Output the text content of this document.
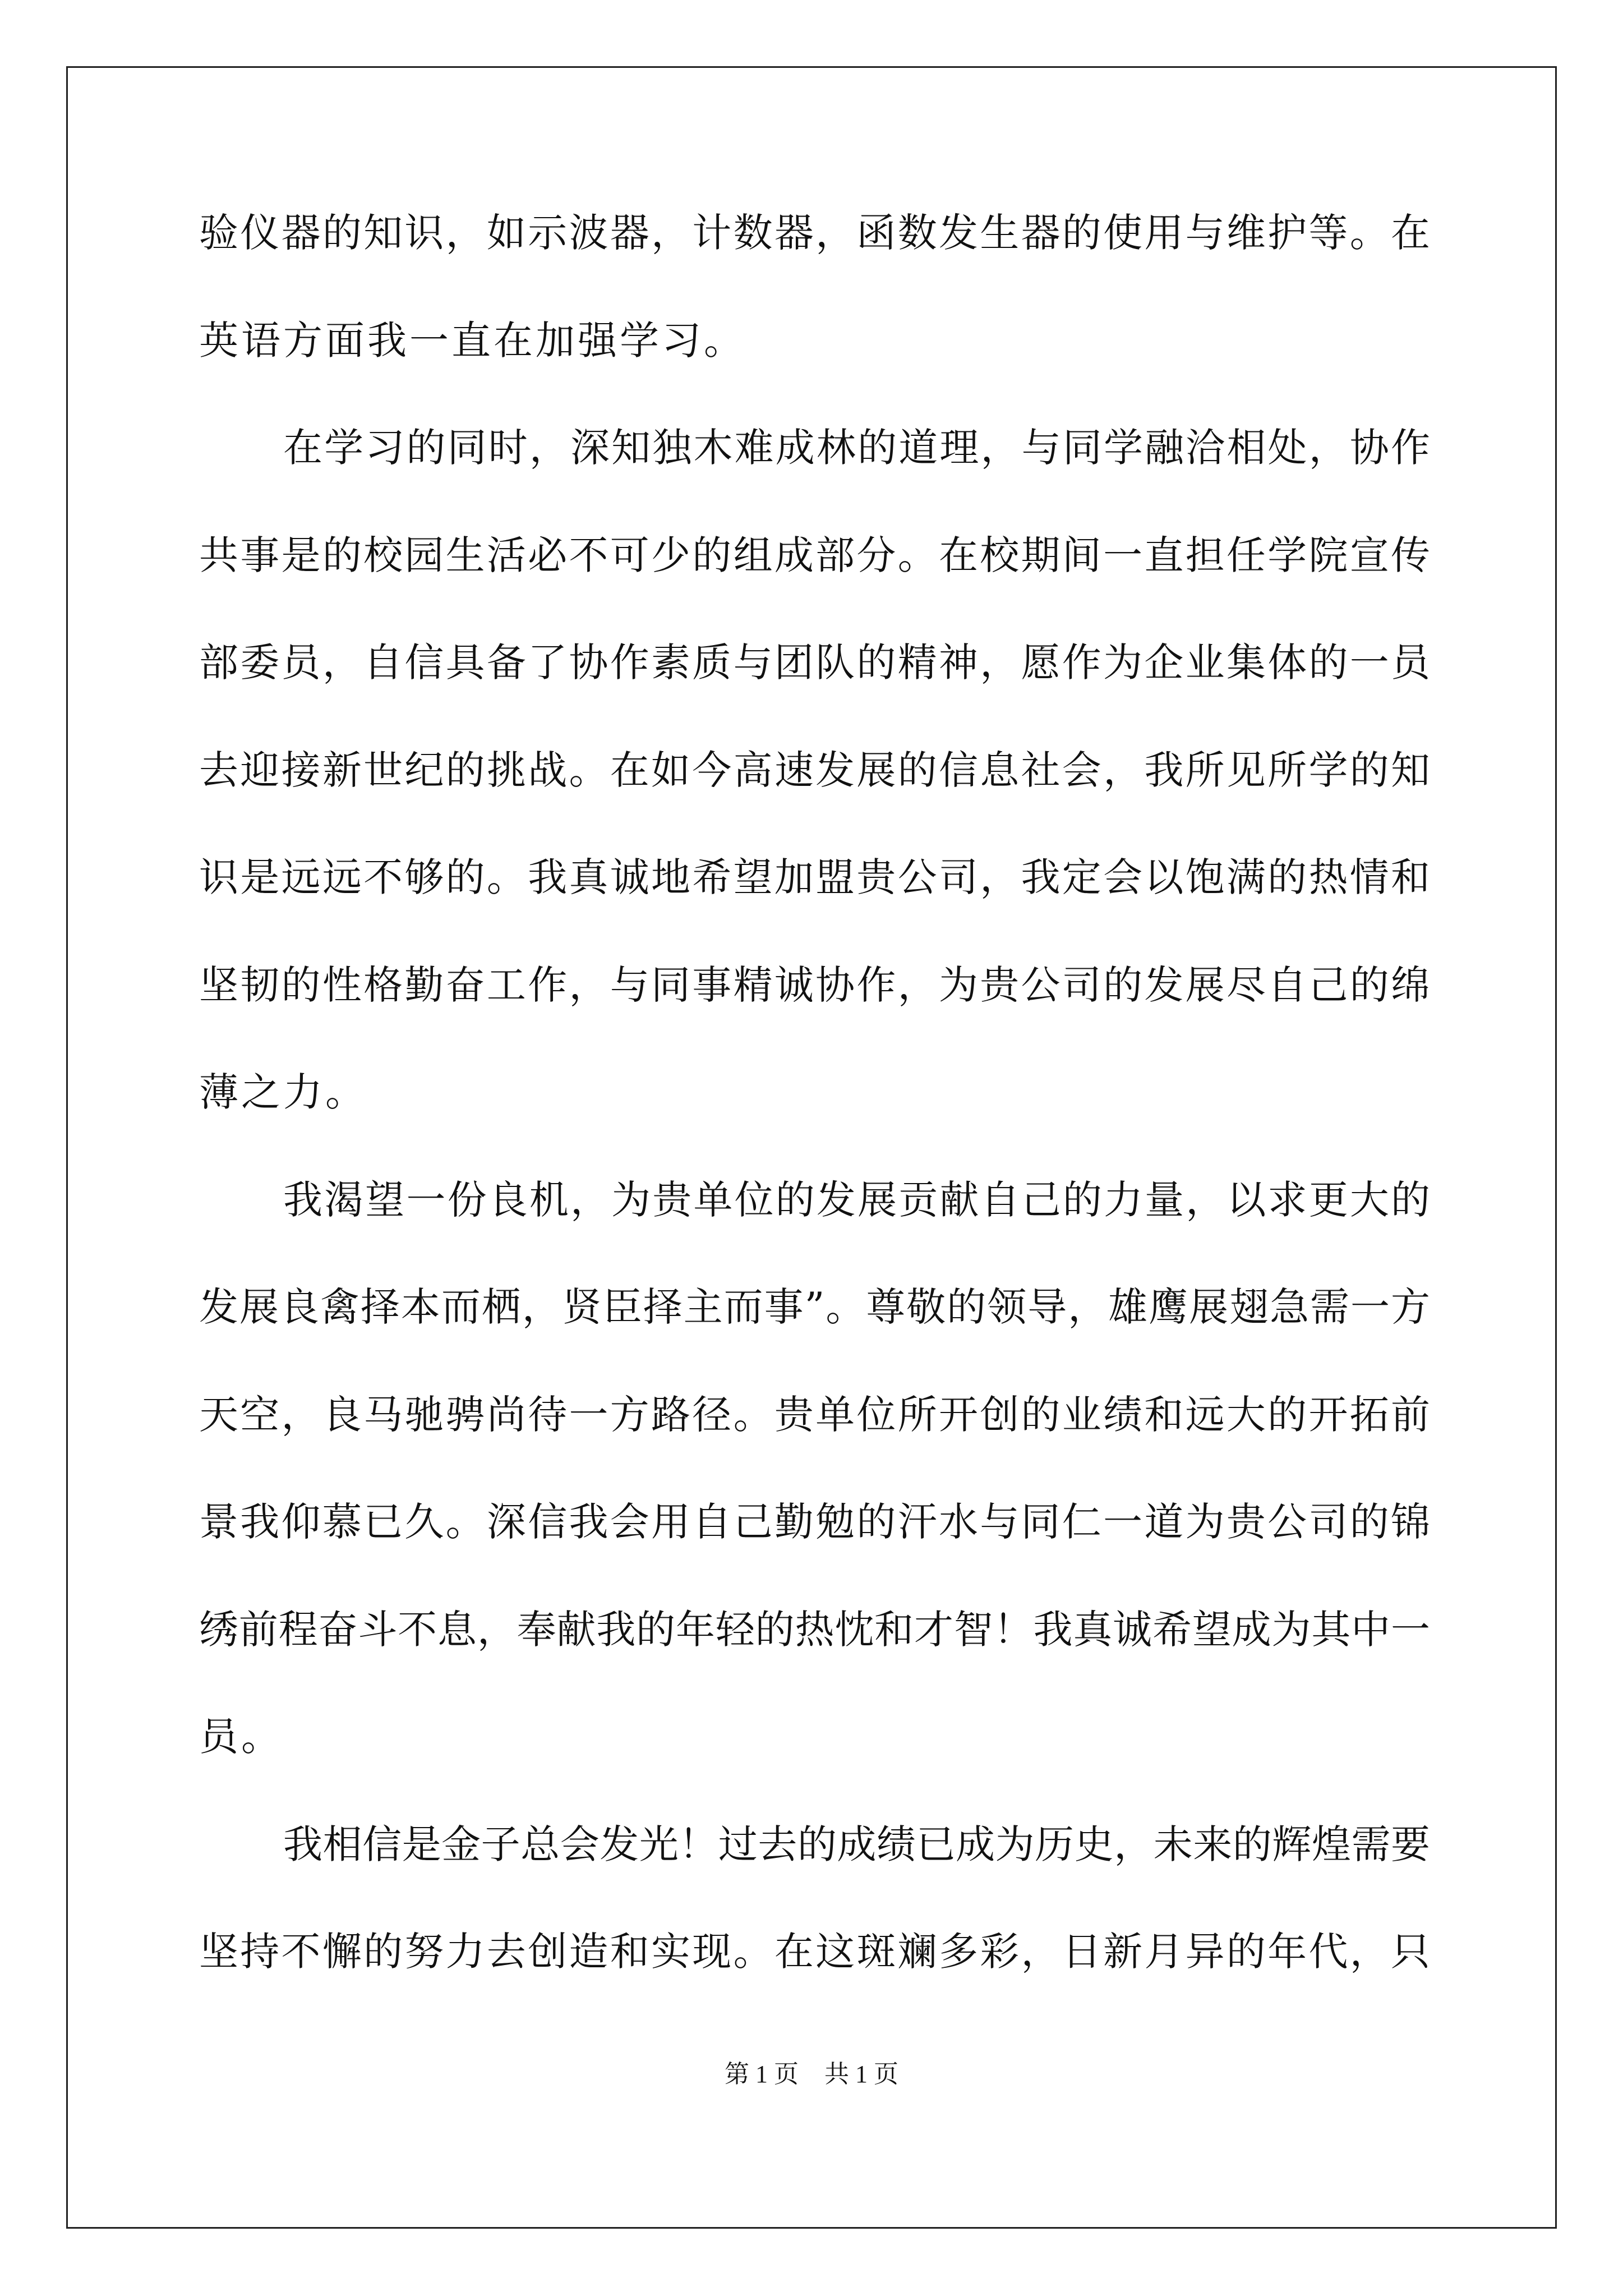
验仪器的知识，如示波器，计数器，函数发生器的使用与维护等。在
英语方面我一直在加强学习。
在学习的同时，深知独木难成林的道理，与同学融洽相处，协作
共事是的校园生活必不可少的组成部分。在校期间一直担任学院宣传
部委员，自信具备了协作素质与团队的精神，愿作为企业集体的一员
去迎接新世纪的挑战。在如今高速发展的信息社会，我所见所学的知
识是远远不够的。我真诚地希望加盟贵公司，我定会以饱满的热情和
坚韧的性格勤奋工作，与同事精诚协作，为贵公司的发展尽自己的绵
薄之力。
我渴望一份良机，为贵单位的发展贡献自己的力量，以求更大的
发展良禽择本而栖，贤臣择主而事”。尊敬的领导，雄鹰展翅急需一方
天空，良马驰骋尚待一方路径。贵单位所开创的业绩和远大的开拓前
景我仰慕已久。深信我会用自己勤勉的汗水与同仁一道为贵公司的锦
绣前程奋斗不息，奉献我的年轻的热忱和才智！我真诚希望成为其中一
员。
我相信是金子总会发光！过去的成绩已成为历史，未来的辉煌需要
坚持不懈的努力去创造和实现。在这斑斓多彩，日新月异的年代，只
第 1 页 共 1 页
